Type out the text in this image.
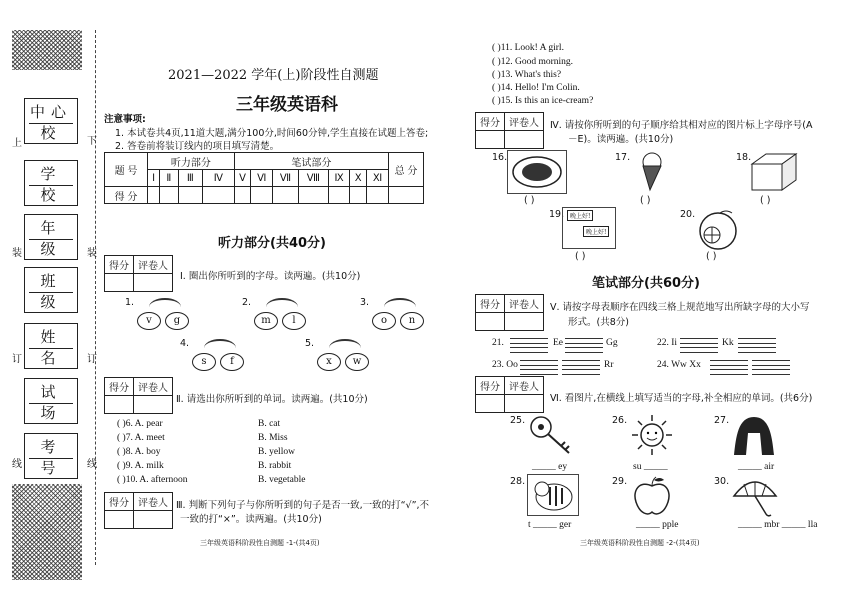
中心校
学 校
年 级
班 级
姓 名
试 场
考 号
上	下
装	装
订	订
线	线
2021—2022 学年(上)阶段性自测题
三年级英语科
注意事项:
1. 本试卷共4页,11道大题,满分100分,时间60分钟,学生直接在试题上答卷;
2. 答卷前将装订线内的项目填写清楚。
题 号	听力部分				笔试部分							总 分
	Ⅰ	Ⅱ	Ⅲ	Ⅳ	Ⅴ	Ⅵ	Ⅶ	Ⅷ	Ⅸ	Ⅹ	Ⅺ	
得 分												
听力部分(共40分)
得分	评卷人

Ⅰ. 圈出你所听到的字母。读两遍。(共10分)
1.
v	g
2.
m	l
3.
o	n
4.
s	f
5.
x	w
得分	评卷人

Ⅱ. 请选出你所听到的单词。读两遍。(共10分)
( )6. A. pear	B. cat
( )7. A. meet	B. Miss
( )8. A. boy	B. yellow
( )9. A. milk	B. rabbit
( )10. A. afternoon	B. vegetable
得分	评卷人
	Ⅲ. 判断下列句子与你所听到的句子是否一致,一致的打“√”,不
一致的打“×”。读两遍。(共10分)
三年级英语科阶段性自测题 -1-(共4页)
( )11. Look! A girl.
( )12. Good morning.
( )13. What's this?
( )14. Hello! I'm Colin.
( )15. Is this an ice-cream?
得分	评卷人
	Ⅳ. 请按你所听到的句子顺序给其相对应的图片标上字母序号(A
－E)。读两遍。(共10分)
16.
( )
17.
( )
18.
( )
19. 晚上好!
晚上好!
( )
20.
( )
笔试部分(共60分)
得分	评卷人
	Ⅴ. 请按字母表顺序在四线三格上规范地写出所缺字母的大小写
形式。(共8分)
21.	Ee	Gg	22. Ii	Kk
23. Oo	Rr	24. Ww Xx
得分	评卷人

Ⅵ. 看图片,在横线上填写适当的字母,补全相应的单词。(共6分)
25.
_____ ey
26.
su _____
27.
_____ air
28.
t _____ ger
29.
_____ pple
30.
_____ mbr _____ lla
三年级英语科阶段性自测题 -2-(共4页)
